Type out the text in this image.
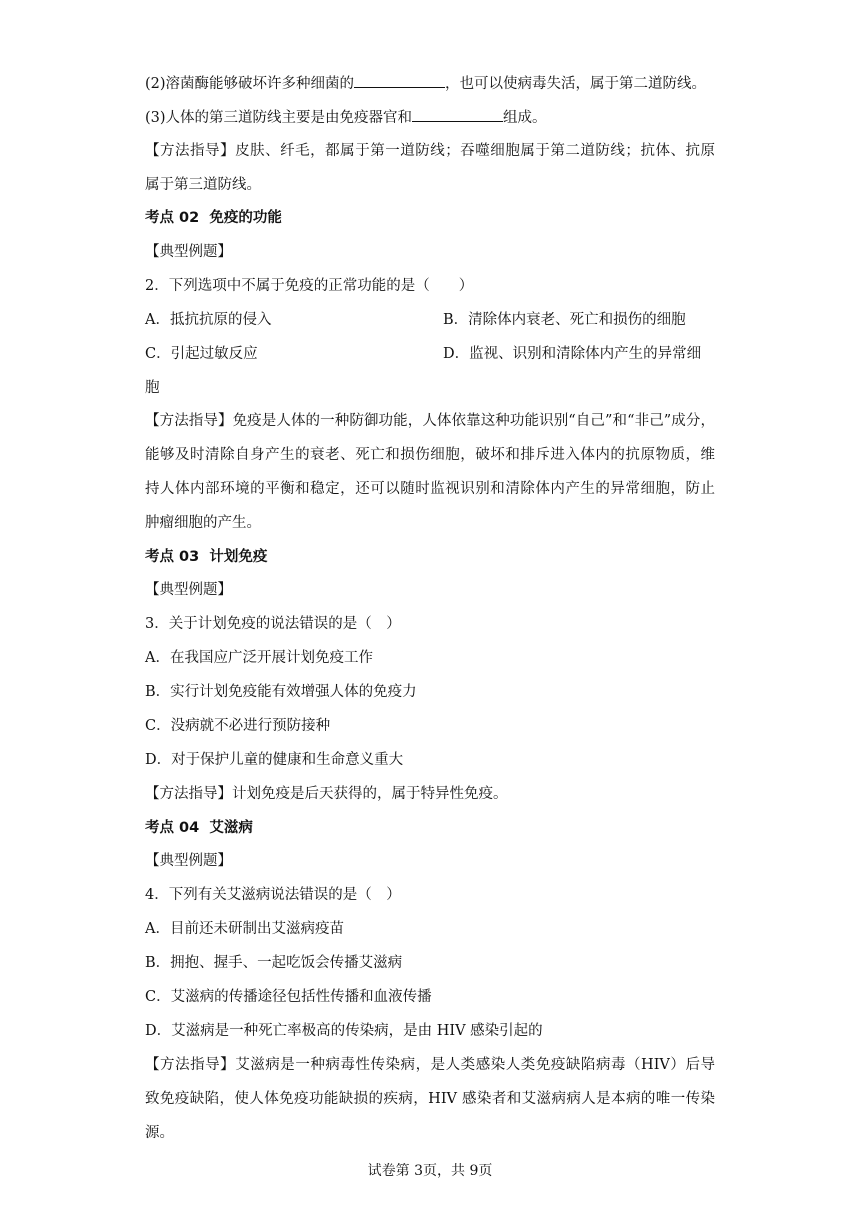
(2)溶菌酶能够破坏许多种细菌的	，也可以使病毒失活，属于第二道防线。
(3)人体的第三道防线主要是由免疫器官和	组成。
【方法指导】皮肤、纤毛，都属于第一道防线；吞噬细胞属于第二道防线；抗体、抗原
属于第三道防线。
考点 02 免疫的功能
【典型例题】
2．下列选项中不属于免疫的正常功能的是（　　）
A．抵抗抗原的侵入	B．清除体内衰老、死亡和损伤的细胞
C．引起过敏反应	D．监视、识别和清除体内产生的异常细
胞
【方法指导】免疫是人体的一种防御功能，人体依靠这种功能识别“自己”和“非己”成分，
能够及时清除自身产生的衰老、死亡和损伤细胞，破坏和排斥进入体内的抗原物质，维
持人体内部环境的平衡和稳定，还可以随时监视识别和清除体内产生的异常细胞，防止
肿瘤细胞的产生。
考点 03 计划免疫
【典型例题】
3．关于计划免疫的说法错误的是（　）
A．在我国应广泛开展计划免疫工作
B．实行计划免疫能有效增强人体的免疫力
C．没病就不必进行预防接种
D．对于保护儿童的健康和生命意义重大
【方法指导】计划免疫是后天获得的，属于特异性免疫。
考点 04 艾滋病
【典型例题】
4．下列有关艾滋病说法错误的是（　）
A．目前还未研制出艾滋病疫苗
B．拥抱、握手、一起吃饭会传播艾滋病
C．艾滋病的传播途径包括性传播和血液传播
D．艾滋病是一种死亡率极高的传染病，是由 HIV 感染引起的
【方法指导】艾滋病是一种病毒性传染病，是人类感染人类免疫缺陷病毒（HIV）后导
致免疫缺陷，使人体免疫功能缺损的疾病，HIV 感染者和艾滋病病人是本病的唯一传染
源。
试卷第 3页，共 9页
